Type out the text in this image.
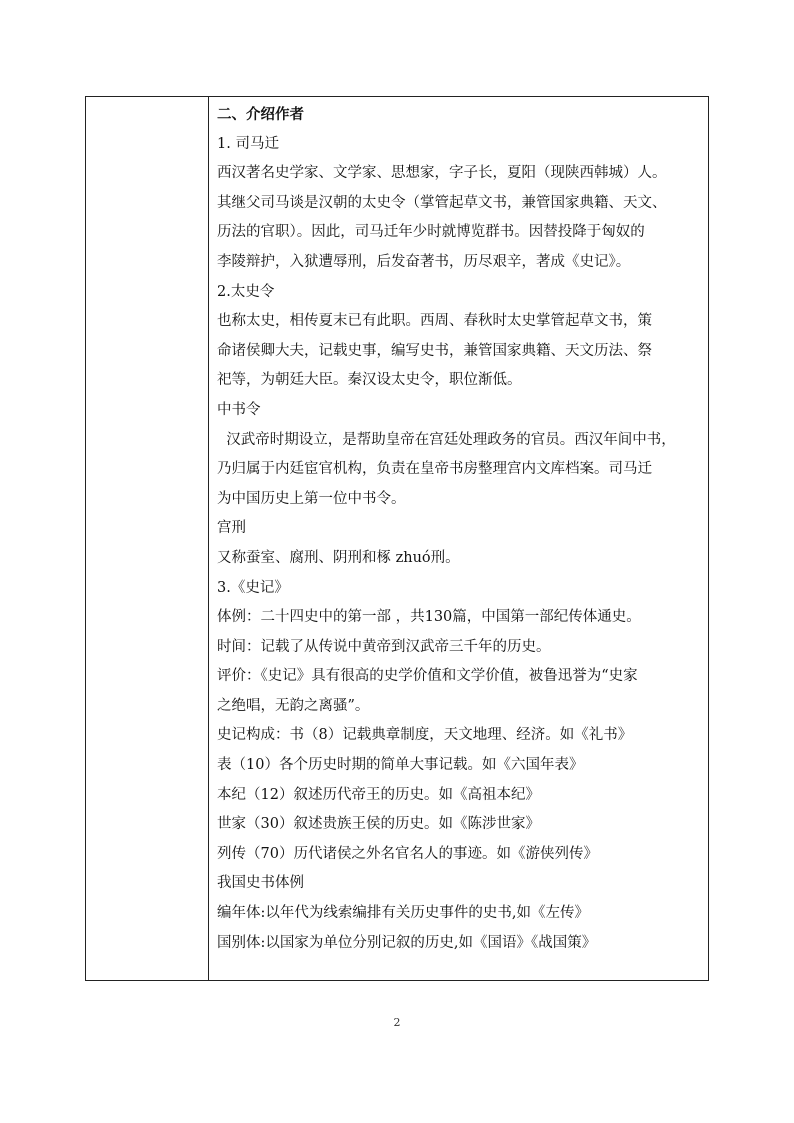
二、介绍作者
1. 司马迁
西汉著名史学家、文学家、思想家，字子长，夏阳（现陕西韩城）人。
其继父司马谈是汉朝的太史令（掌管起草文书，兼管国家典籍、天文、
历法的官职）。因此，司马迁年少时就博览群书。因替投降于匈奴的
李陵辩护，入狱遭辱刑，后发奋著书，历尽艰辛，著成《史记》。
2.太史令
也称太史，相传夏末已有此职。西周、春秋时太史掌管起草文书，策
命诸侯卿大夫，记载史事，编写史书，兼管国家典籍、天文历法、祭
祀等，为朝廷大臣。秦汉设太史令，职位渐低。
中书令
汉武帝时期设立，是帮助皇帝在宫廷处理政务的官员。西汉年间中书，
乃归属于内廷宦官机构，负责在皇帝书房整理宫内文库档案。司马迁
为中国历史上第一位中书令。
宫刑
又称蚕室、腐刑、阴刑和椓 zhuó刑。
3.《史记》
体例：二十四史中的第一部 ，共130篇，中国第一部纪传体通史。
时间：记载了从传说中黄帝到汉武帝三千年的历史。
评价：《史记》具有很高的史学价值和文学价值，被鲁迅誉为“史家
之绝唱，无韵之离骚”。
史记构成：书（8）记载典章制度，天文地理、经济。如《礼书》
表（10）各个历史时期的简单大事记载。如《六国年表》
本纪（12）叙述历代帝王的历史。如《高祖本纪》
世家（30）叙述贵族王侯的历史。如《陈涉世家》
列传（70）历代诸侯之外名官名人的事迹。如《游侠列传》
我国史书体例
编年体:以年代为线索编排有关历史事件的史书,如《左传》
国别体:以国家为单位分别记叙的历史,如《国语》《战国策》
2
